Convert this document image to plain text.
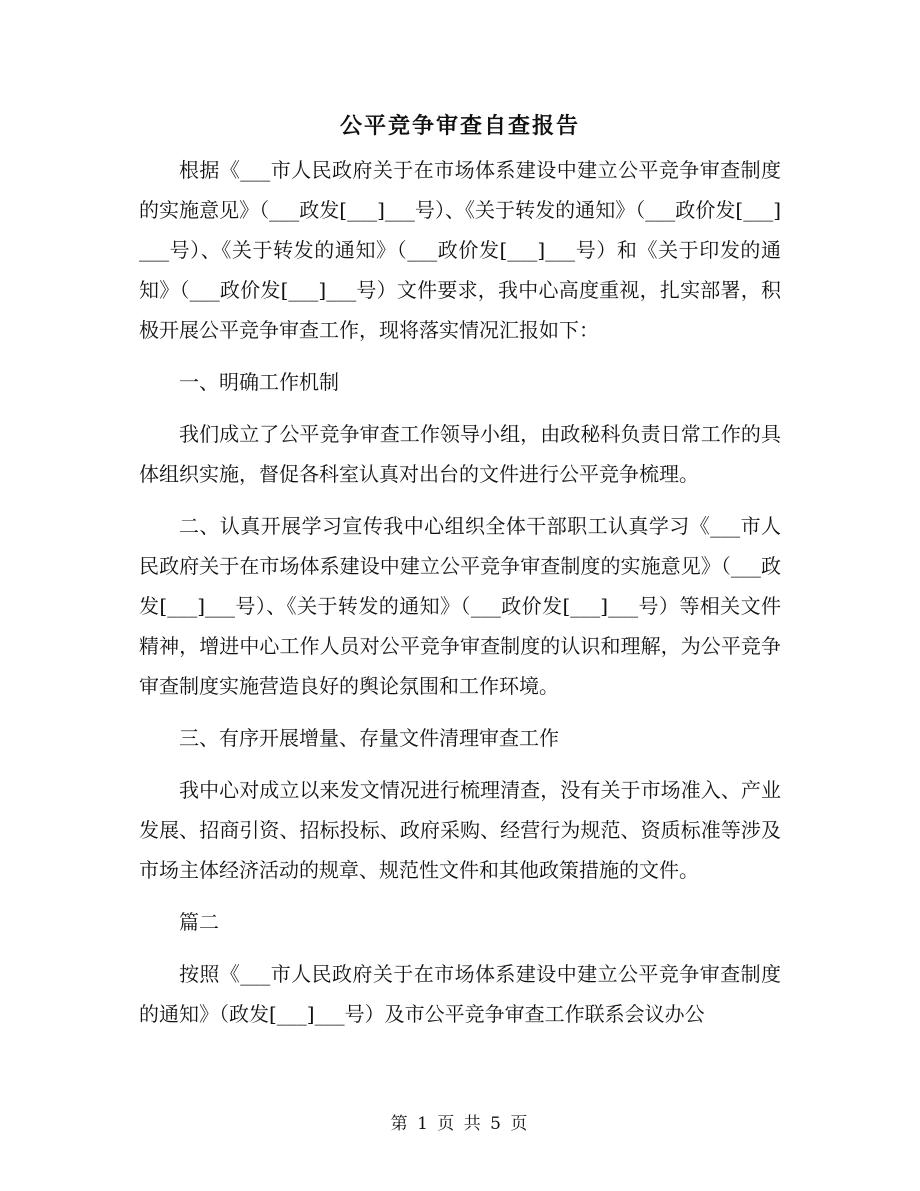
公平竞争审查自查报告

根据《___市人民政府关于在市场体系建设中建立公平竞争审查制度的实施意见》（___政发[___]___号）、《关于转发的通知》（___政价发[___]___号）、《关于转发的通知》（___政价发[___]___号）和《关于印发的通知》（___政价发[___]___号）文件要求，我中心高度重视，扎实部署，积极开展公平竞争审查工作，现将落实情况汇报如下：

一、明确工作机制

我们成立了公平竞争审查工作领导小组，由政秘科负责日常工作的具体组织实施，督促各科室认真对出台的文件进行公平竞争梳理。

二、认真开展学习宣传我中心组织全体干部职工认真学习《___市人民政府关于在市场体系建设中建立公平竞争审查制度的实施意见》（___政发[___]___号）、《关于转发的通知》（___政价发[___]___号）等相关文件精神，增进中心工作人员对公平竞争审查制度的认识和理解，为公平竞争审查制度实施营造良好的舆论氛围和工作环境。

三、有序开展增量、存量文件清理审查工作

我中心对成立以来发文情况进行梳理清查，没有关于市场准入、产业发展、招商引资、招标投标、政府采购、经营行为规范、资质标准等涉及市场主体经济活动的规章、规范性文件和其他政策措施的文件。

篇二

按照《___市人民政府关于在市场体系建设中建立公平竞争审查制度的通知》（政发[___]___号）及市公平竞争审查工作联系会议办公

第 1 页 共 5 页
